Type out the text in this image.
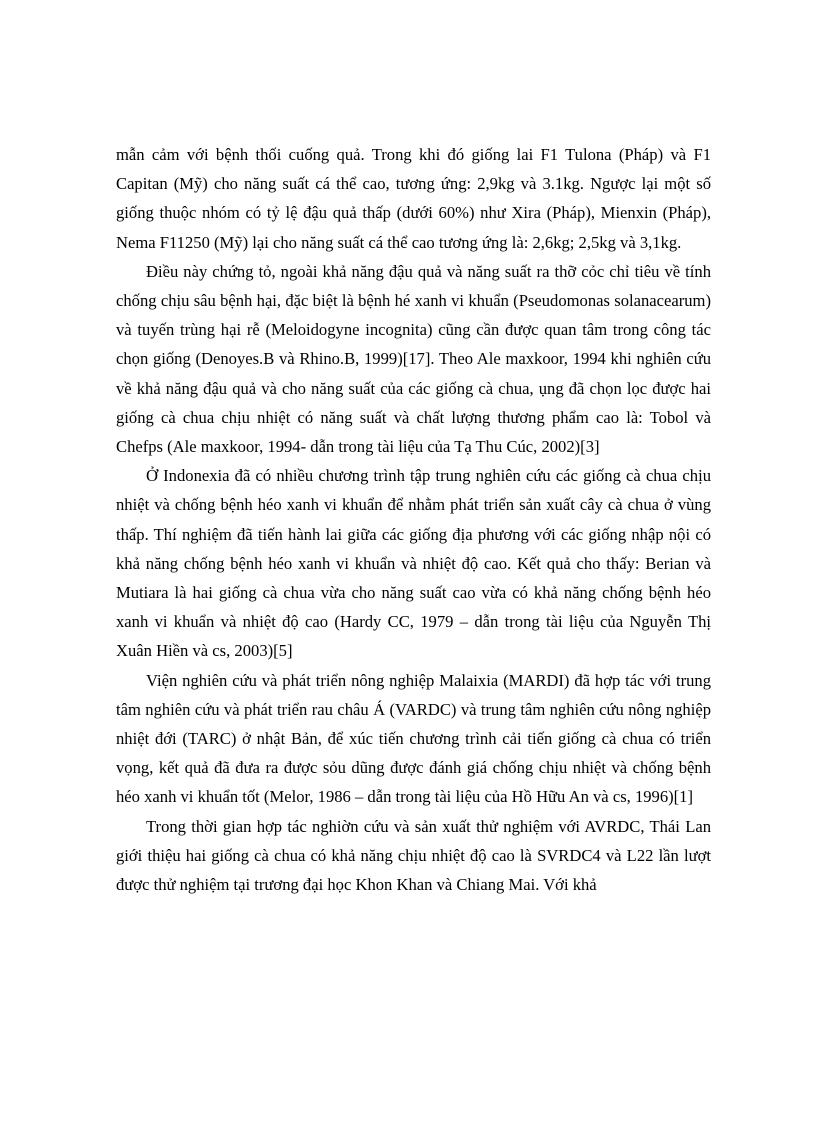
mẫn cảm với bệnh thối cuống quả. Trong khi đó giống lai F1 Tulona (Pháp) và F1 Capitan (Mỹ) cho năng suất cá thể cao, tương ứng: 2,9kg và 3.1kg. Ngược lại một số giống thuộc nhóm có tỷ lệ đậu quả thấp (dưới 60%) như Xira (Pháp), Mienxin (Pháp), Nema F11250 (Mỹ) lại cho năng suất cá thể cao tương ứng là: 2,6kg; 2,5kg và 3,1kg.

Điều này chứng tỏ, ngoài khả năng đậu quả và năng suất ra thỡ cỏc chỉ tiêu về tính chống chịu sâu bệnh hại, đặc biệt là bệnh hé xanh vi khuẩn (Pseudomonas solanacearum) và tuyến trùng hại rễ (Meloidogyne incognita) cũng cần được quan tâm trong công tác chọn giống (Denoyes.B và Rhino.B, 1999)[17]. Theo Ale maxkoor, 1994 khi nghiên cứu về khả năng đậu quả và cho năng suất của các giống cà chua, ụng đã chọn lọc được hai giống cà chua chịu nhiệt có năng suất và chất lượng thương phẩm cao là: Tobol và Chefps (Ale maxkoor, 1994- dẫn trong tài liệu của Tạ Thu Cúc, 2002)[3]

Ở Indonexia đã có nhiều chương trình tập trung nghiên cứu các giống cà chua chịu nhiệt và chống bệnh héo xanh vi khuẩn để nhằm phát triển sản xuất cây cà chua ở vùng thấp. Thí nghiệm đã tiến hành lai giữa các giống địa phương với các giống nhập nội có khả năng chống bệnh héo xanh vi khuẩn và nhiệt độ cao. Kết quả cho thấy: Berian và Mutiara là hai giống cà chua vừa cho năng suất cao vừa có khả năng chống bệnh héo xanh vi khuẩn và nhiệt độ cao (Hardy CC, 1979 – dẫn trong tài liệu của Nguyễn Thị Xuân Hiền và cs, 2003)[5]

Viện nghiên cứu và phát triển nông nghiệp Malaixia (MARDI) đã hợp tác với trung tâm nghiên cứu và phát triển rau châu Á (VARDC) và trung tâm nghiên cứu nông nghiệp nhiệt đới (TARC) ở nhật Bản, để xúc tiến chương trình cải tiến giống cà chua có triển vọng, kết quả đã đưa ra được sỏu dũng được đánh giá chống chịu nhiệt và chống bệnh héo xanh vi khuẩn tốt (Melor, 1986 – dẫn trong tài liệu của Hồ Hữu An và cs, 1996)[1]

Trong thời gian hợp tác nghiờn cứu và sản xuất thử nghiệm với AVRDC, Thái Lan giới thiệu hai giống cà chua có khả năng chịu nhiệt độ cao là SVRDC4 và L22 lần lượt được thử nghiệm tại trương đại học Khon Khan và Chiang Mai. Với khả
